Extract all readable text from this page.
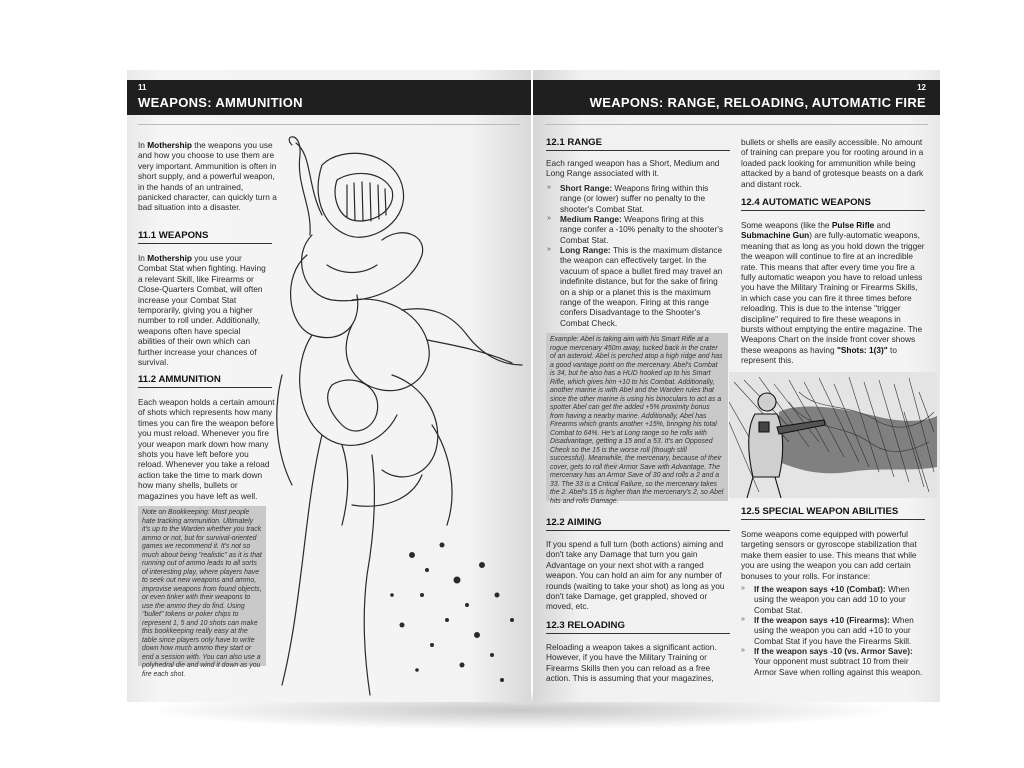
11
WEAPONS: AMMUNITION

In Mothership the weapons you use and how you choose to use them are very important. Ammunition is often in short supply, and a powerful weapon, in the hands of an untrained, panicked character, can quickly turn a bad situation into a disaster.

11.1 WEAPONS

In Mothership you use your Combat Stat when fighting. Having a relevant Skill, like Firearms or Close-Quarters Combat, will often increase your Combat Stat temporarily, giving you a higher number to roll under. Additionally, weapons often have special abilities of their own which can further increase your chances of survival.

11.2 AMMUNITION

Each weapon holds a certain amount of shots which represents how many times you can fire the weapon before you must reload. Whenever you fire your weapon mark down how many shots you have left before you reload. Whenever you take a reload action take the time to mark down how many shells, bullets or magazines you have left as well.

Note on Bookkeeping: Most people hate tracking ammunition. Ultimately it's up to the Warden whether you track ammo or not, but for survival-oriented games we recommend it. It's not so much about being "realistic" as it is that running out of ammo leads to all sorts of interesting play, where players have to seek out new weapons and ammo, improvise weapons from found objects, or even tinker with their weapons to use the ammo they do find. Using "bullet" tokens or poker chips to represent 1, 5 and 10 shots can make this bookkeeping really easy at the table since players only have to write down how much ammo they start or end a session with. You can also use a polyhedral die and wind it down as you fire each shot.
12
WEAPONS: RANGE, RELOADING, AUTOMATIC FIRE
12.1 RANGE

Each ranged weapon has a Short, Medium and Long Range associated with it.

» Short Range: Weapons firing within this range (or lower) suffer no penalty to the shooter's Combat Stat.

» Medium Range: Weapons firing at this range confer a -10% penalty to the shooter's Combat Stat.

» Long Range: This is the maximum distance the weapon can effectively target. In the vacuum of space a bullet fired may travel an indefinite distance, but for the sake of firing on a ship or a planet this is the maximum range of the weapon. Firing at this range confers Disadvantage to the Shooter's Combat Check.

Example: Abel is taking aim with his Smart Rifle at a rogue mercenary 450m away, tucked back in the crater of an asteroid. Abel is perched atop a high ridge and has a good vantage point on the mercenary. Abel's Combat is 34, but he also has a HUD hooked up to his Smart Rifle, which gives him +10 to his Combat. Additionally, another marine is with Abel and the Warden rules that since the other marine is using his binoculars to act as a spotter Abel can get the added +5% proximity bonus from having a nearby marine. Additionally, Abel has Firearms which grants another +15%, bringing his total Combat to 64%. He's at Long range so he rolls with Disadvantage, getting a 15 and a 53. It's an Opposed Check so the 15 is the worse roll (though still successful). Meanwhile, the mercenary, because of their cover, gets to roll their Armor Save with Advantage. The mercenary has an Armor Save of 30 and rolls a 2 and a 33. The 33 is a Critical Failure, so the mercenary takes the 2. Abel's 15 is higher than the mercenary's 2, so Abel hits and rolls Damage.
12.2 AIMING

If you spend a full turn (both actions) aiming and don't take any Damage that turn you gain Advantage on your next shot with a ranged weapon. You can hold an aim for any number of rounds (waiting to take your shot) as long as you don't take Damage, get grappled, shoved or moved, etc.

12.3 RELOADING

Reloading a weapon takes a significant action. However, if you have the Military Training or Firearms Skills then you can reload as a free action. This is assuming that your magazines,

bullets or shells are easily accessible. No amount of training can prepare you for rooting around in a loaded pack looking for ammunition while being attacked by a band of grotesque beasts on a dark and distant rock.

12.4 AUTOMATIC WEAPONS

Some weapons (like the Pulse Rifle and Submachine Gun) are fully-automatic weapons, meaning that as long as you hold down the trigger the weapon will continue to fire at an incredible rate. This means that after every time you fire a fully automatic weapon you have to reload unless you have the Military Training or Firearms Skills, in which case you can fire it three times before reloading. This is due to the intense "trigger discipline" required to fire these weapons in bursts without emptying the entire magazine. The Weapons Chart on the inside front cover shows these weapons as having "Shots: 1(3)" to represent this.

12.5 SPECIAL WEAPON ABILITIES

Some weapons come equipped with powerful targeting sensors or gyroscope stabilization that make them easier to use. This means that while you are using the weapon you can add certain bonuses to your rolls. For instance:

» If the weapon says +10 (Combat): When using the weapon you can add 10 to your Combat Stat.

» If the weapon says +10 (Firearms): When using the weapon you can add +10 to your Combat Stat if you have the Firearms Skill.

» If the weapon says -10 (vs. Armor Save): Your opponent must subtract 10 from their Armor Save when rolling against this weapon.
